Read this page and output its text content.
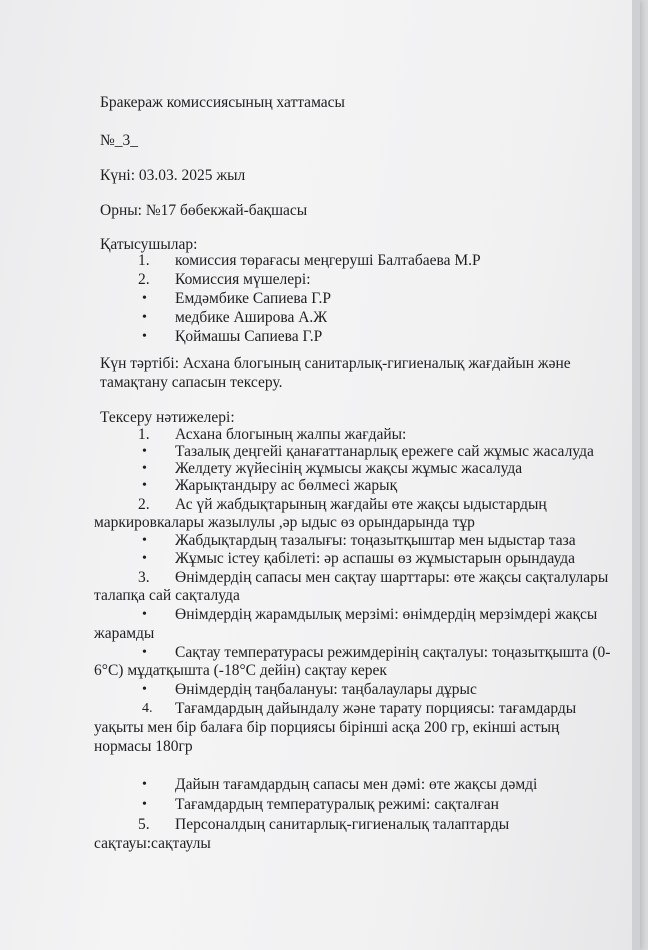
Бракераж комиссиясының хаттамасы
№_3_
Күні: 03.03. 2025 жыл
Орны: №17 бөбекжай-бақшасы
Қатысушылар:
1.	комиссия төрағасы меңгеруші Балтабаева М.Р
2.	Комиссия мүшелері:
•	Емдәмбике Сапиева Г.Р
•	медбике Аширова А.Ж
•	Қоймашы Сапиева Г.Р
Күн тәртібі: Асхана блогының санитарлық-гигиеналық жағдайын және
тамақтану сапасын тексеру.
Тексеру нәтижелері:
1.	Асхана блогының жалпы жағдайы:
•	Тазалық деңгейі қанағаттанарлық ережеге сай жұмыс жасалуда
•	Желдету жүйесінің жұмысы жақсы жұмыс жасалуда
•	Жарықтандыру ас бөлмесі жарық
2.	Ас үй жабдықтарының жағдайы өте жақсы ыдыстардың
маркировкалары жазылулы ,әр ыдыс өз орындарында тұр
•	Жабдықтардың тазалығы: тоңазытқыштар мен ыдыстар таза
•	Жұмыс істеу қабілеті: әр аспашы өз жұмыстарын орындауда
3.	Өнімдердің сапасы мен сақтау шарттары: өте жақсы сақталулары
талапқа сай сақталуда
•	Өнімдердің жарамдылық мерзімі: өнімдердің мерзімдері жақсы
жарамды
•	Сақтау температурасы режимдерінің сақталуы: тоңазытқышта (0-
6°С) мұдатқышта (-18°С дейін) сақтау керек
•	Өнімдердің таңбалануы: таңбалаулары дұрыс
4.	Тағамдардың дайындалу және тарату порциясы: тағамдарды
уақыты мен бір балаға бір порциясы бірінші асқа 200 гр, екінші астың
нормасы 180гр
•	Дайын тағамдардың сапасы мен дәмі: өте жақсы дәмді
•	Тағамдардың температуралық режимі: сақталған
5.	Персоналдың санитарлық-гигиеналық талаптарды
сақтауы:сақтаулы
